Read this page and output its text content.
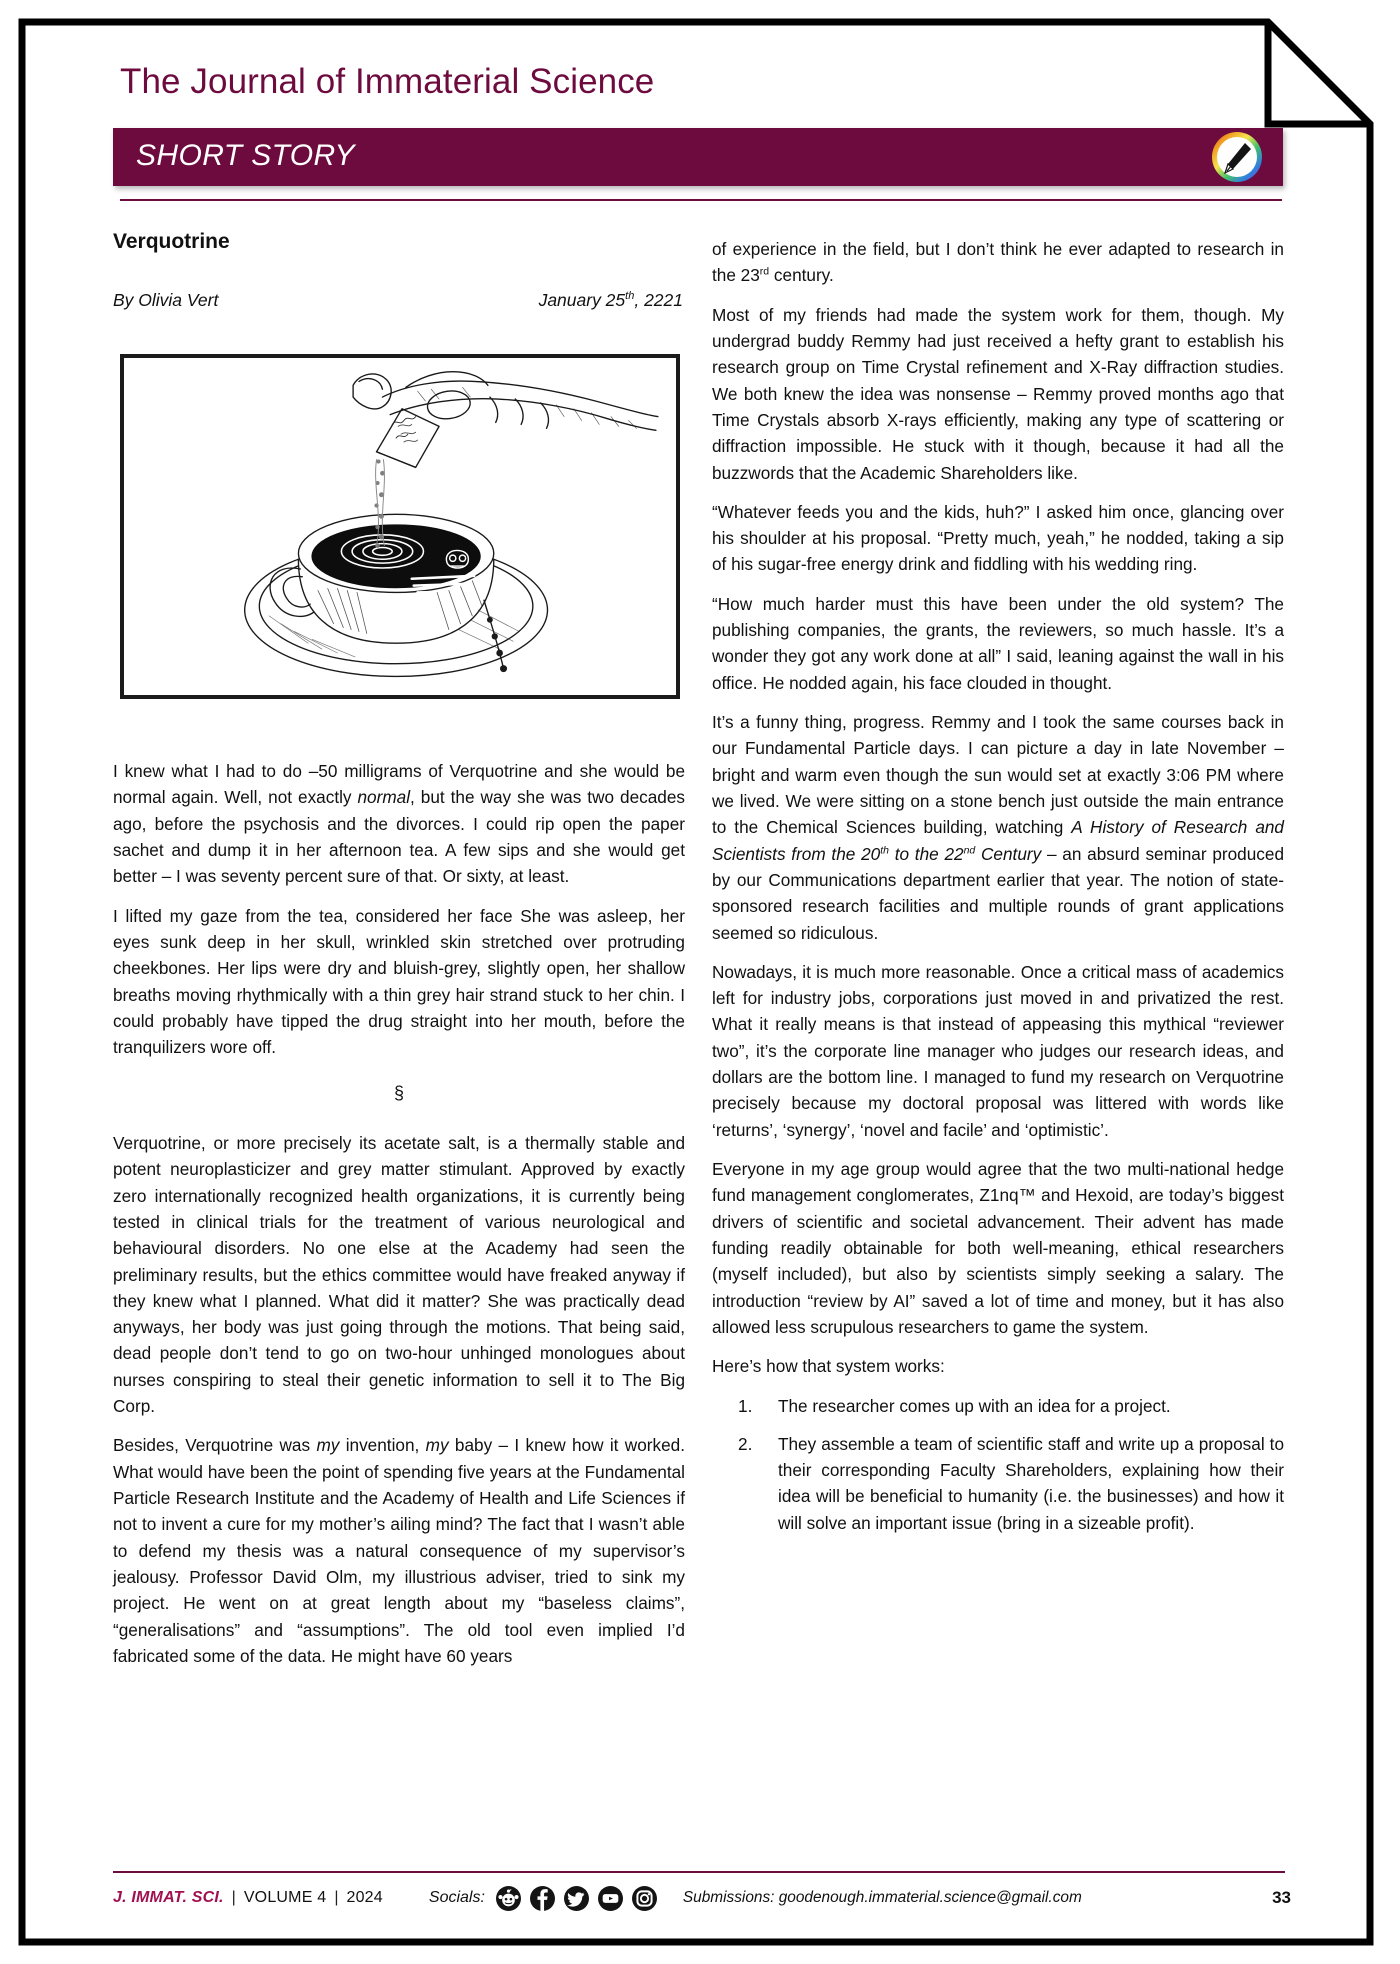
The Journal of Immaterial Science
SHORT STORY
Verquotrine
By Olivia Vert	January 25th, 2221

I knew what I had to do –50 milligrams of Verquotrine and she would be normal again. Well, not exactly normal, but the way she was two decades ago, before the psychosis and the divorces. I could rip open the paper sachet and dump it in her afternoon tea. A few sips and she would get better – I was seventy percent sure of that. Or sixty, at least.

I lifted my gaze from the tea, considered her face She was asleep, her eyes sunk deep in her skull, wrinkled skin stretched over protruding cheekbones. Her lips were dry and bluish-grey, slightly open, her shallow breaths moving rhythmically with a thin grey hair strand stuck to her chin. I could probably have tipped the drug straight into her mouth, before the tranquilizers wore off.

§

Verquotrine, or more precisely its acetate salt, is a thermally stable and potent neuroplasticizer and grey matter stimulant. Approved by exactly zero internationally recognized health organizations, it is currently being tested in clinical trials for the treatment of various neurological and behavioural disorders. No one else at the Academy had seen the preliminary results, but the ethics committee would have freaked anyway if they knew what I planned. What did it matter? She was practically dead anyways, her body was just going through the motions. That being said, dead people don’t tend to go on two-hour unhinged monologues about nurses conspiring to steal their genetic information to sell it to The Big Corp.

Besides, Verquotrine was my invention, my baby – I knew how it worked. What would have been the point of spending five years at the Fundamental Particle Research Institute and the Academy of Health and Life Sciences if not to invent a cure for my mother’s ailing mind? The fact that I wasn’t able to defend my thesis was a natural consequence of my supervisor’s jealousy. Professor David Olm, my illustrious adviser, tried to sink my project. He went on at great length about my “baseless claims”, “generalisations” and “assumptions”. The old tool even implied I’d fabricated some of the data. He might have 60 years

of experience in the field, but I don’t think he ever adapted to research in the 23rd century.

Most of my friends had made the system work for them, though. My undergrad buddy Remmy had just received a hefty grant to establish his research group on Time Crystal refinement and X-Ray diffraction studies. We both knew the idea was nonsense – Remmy proved months ago that Time Crystals absorb X-rays efficiently, making any type of scattering or diffraction impossible. He stuck with it though, because it had all the buzzwords that the Academic Shareholders like.

“Whatever feeds you and the kids, huh?” I asked him once, glancing over his shoulder at his proposal. “Pretty much, yeah,” he nodded, taking a sip of his sugar-free energy drink and fiddling with his wedding ring.

“How much harder must this have been under the old system? The publishing companies, the grants, the reviewers, so much hassle. It’s a wonder they got any work done at all” I said, leaning against the wall in his office. He nodded again, his face clouded in thought.

It’s a funny thing, progress. Remmy and I took the same courses back in our Fundamental Particle days. I can picture a day in late November – bright and warm even though the sun would set at exactly 3:06 PM where we lived. We were sitting on a stone bench just outside the main entrance to the Chemical Sciences building, watching A History of Research and Scientists from the 20th to the 22nd Century – an absurd seminar produced by our Communications department earlier that year. The notion of state-sponsored research facilities and multiple rounds of grant applications seemed so ridiculous.

Nowadays, it is much more reasonable. Once a critical mass of academics left for industry jobs, corporations just moved in and privatized the rest. What it really means is that instead of appeasing this mythical “reviewer two”, it’s the corporate line manager who judges our research ideas, and dollars are the bottom line. I managed to fund my research on Verquotrine precisely because my doctoral proposal was littered with words like ‘returns’, ‘synergy’, ‘novel and facile’ and ‘optimistic’.

Everyone in my age group would agree that the two multi-national hedge fund management conglomerates, Z1nq™ and Hexoid, are today’s biggest drivers of scientific and societal advancement. Their advent has made funding readily obtainable for both well-meaning, ethical researchers (myself included), but also by scientists simply seeking a salary. The introduction “review by AI” saved a lot of time and money, but it has also allowed less scrupulous researchers to game the system.

Here’s how that system works:

The researcher comes up with an idea for a project.
They assemble a team of scientific staff and write up a proposal to their corresponding Faculty Shareholders, explaining how their idea will be beneficial to humanity (i.e. the businesses) and how it will solve an important issue (bring in a sizeable profit).
J. IMMAT. SCI. | VOLUME 4 | 2024	Socials:	Submissions: goodenough.immaterial.science@gmail.com	33
